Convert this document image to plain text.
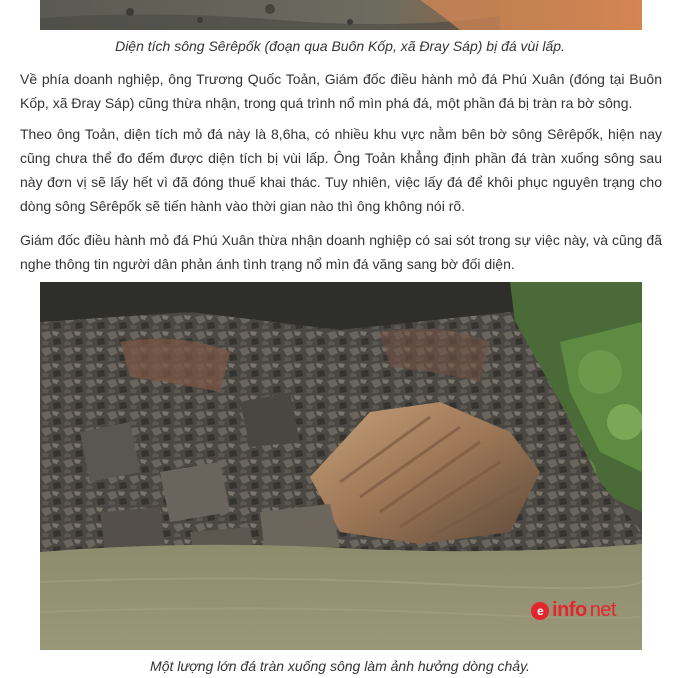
Diện tích sông Sêrêpốk (đoạn qua Buôn Kốp, xã Đray Sáp) bị đá vùi lấp.

Về phía doanh nghiệp, ông Trương Quốc Toản, Giám đốc điều hành mỏ đá Phú Xuân (đóng tại Buôn Kốp, xã Đray Sáp) cũng thừa nhận, trong quá trình nổ mìn phá đá, một phần đá bị tràn ra bờ sông.

Theo ông Toản, diện tích mỏ đá này là 8,6ha, có nhiều khu vực nằm bên bờ sông Sêrêpốk, hiện nay cũng chưa thể đo đếm được diện tích bị vùi lấp. Ông Toản khẳng định phần đá tràn xuống sông sau này đơn vị sẽ lấy hết vì đã đóng thuế khai thác. Tuy nhiên, việc lấy đá để khôi phục nguyên trạng cho dòng sông Sêrêpốk sẽ tiến hành vào thời gian nào thì ông không nói rõ.

Giám đốc điều hành mỏ đá Phú Xuân thừa nhận doanh nghiệp có sai sót trong sự việc này, và cũng đã nghe thông tin người dân phản ánh tình trạng nổ mìn đá văng sang bờ đối diện.

e info net
Một lượng lớn đá tràn xuống sông làm ảnh hưởng dòng chảy.
